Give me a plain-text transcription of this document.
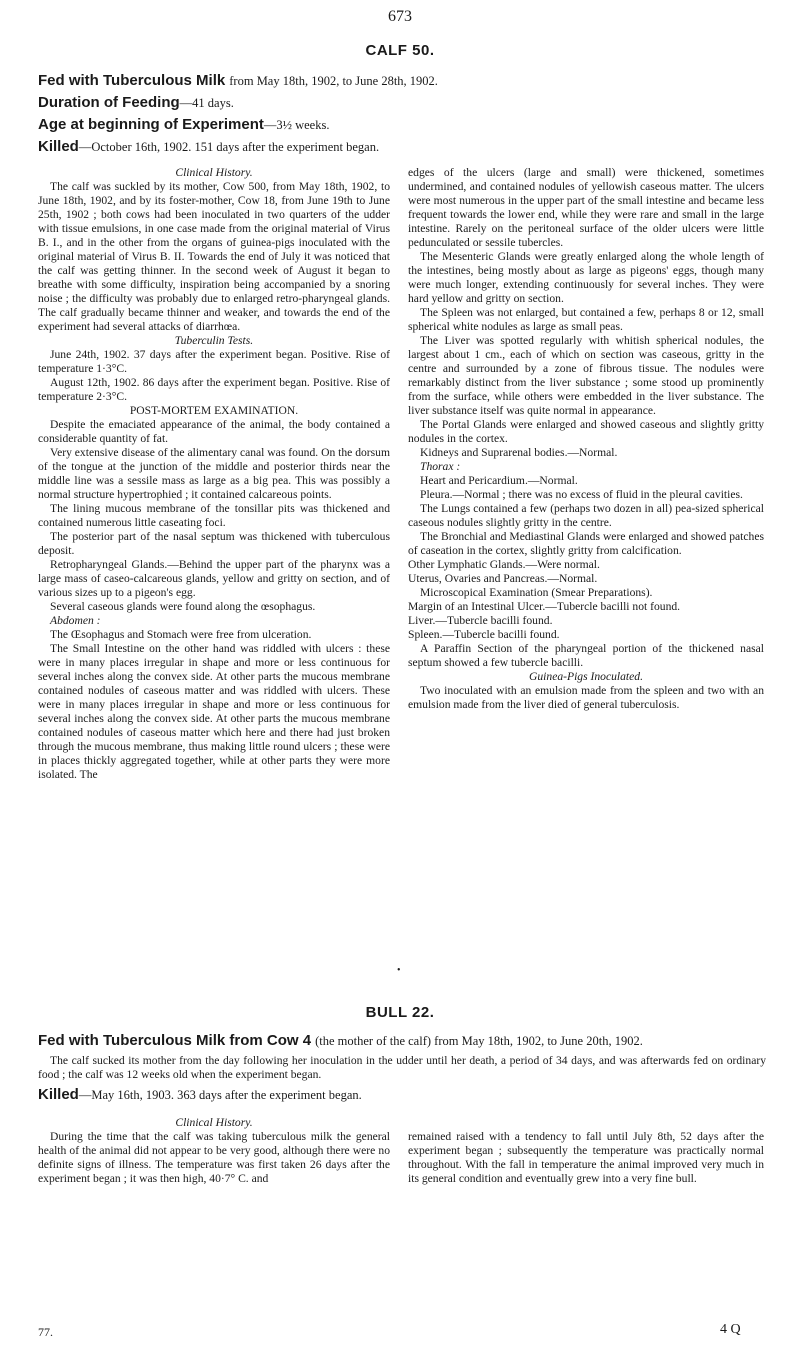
673
CALF 50.
Fed with Tuberculous Milk from May 18th, 1902, to June 28th, 1902.
Duration of Feeding—41 days.
Age at beginning of Experiment—3½ weeks.
Killed—October 16th, 1902. 151 days after the experiment began.

Clinical History.

The calf was suckled by its mother, Cow 500, from May 18th, 1902, to June 18th, 1902, and by its foster-mother, Cow 18, from June 19th to June 25th, 1902 ; both cows had been inoculated in two quarters of the udder with tissue emulsions, in one case made from the original material of Virus B. I., and in the other from the organs of guinea-pigs inoculated with the original material of Virus B. II. Towards the end of July it was noticed that the calf was getting thinner. In the second week of August it began to breathe with some difficulty, inspiration being accompanied by a snoring noise ; the difficulty was probably due to enlarged retro-pharyngeal glands. The calf gradually became thinner and weaker, and towards the end of the experiment had several attacks of diarrhœa.

Tuberculin Tests.

June 24th, 1902. 37 days after the experiment began. Positive. Rise of temperature 1·3°C.

August 12th, 1902. 86 days after the experiment began. Positive. Rise of temperature 2·3°C.

POST-MORTEM EXAMINATION.

Despite the emaciated appearance of the animal, the body contained a considerable quantity of fat.

Very extensive disease of the alimentary canal was found. On the dorsum of the tongue at the junction of the middle and posterior thirds near the middle line was a sessile mass as large as a big pea. This was possibly a normal structure hypertrophied ; it contained calcareous points.

The lining mucous membrane of the tonsillar pits was thickened and contained numerous little caseating foci.

The posterior part of the nasal septum was thickened with tuberculous deposit.

Retropharyngeal Glands.—Behind the upper part of the pharynx was a large mass of caseo-calcareous glands, yellow and gritty on section, and of various sizes up to a pigeon's egg.

Several caseous glands were found along the œsophagus.

Abdomen :

The Œsophagus and Stomach were free from ulceration.

The Small Intestine on the other hand was riddled with ulcers : these were in many places irregular in shape and more or less continuous for several inches along the convex side. At other parts the mucous membrane contained nodules of caseous matter and was riddled with ulcers. These were in many places irregular in shape and more or less continuous for several inches along the convex side. At other parts the mucous membrane contained nodules of caseous matter which here and there had just broken through the mucous membrane, thus making little round ulcers ; these were in places thickly aggregated together, while at other parts they were more isolated. The

edges of the ulcers (large and small) were thickened, sometimes undermined, and contained nodules of yellowish caseous matter. The ulcers were most numerous in the upper part of the small intestine and became less frequent towards the lower end, while they were rare and small in the large intestine. Rarely on the peritoneal surface of the older ulcers were little pedunculated or sessile tubercles.

The Mesenteric Glands were greatly enlarged along the whole length of the intestines, being mostly about as large as pigeons' eggs, though many were much longer, extending continuously for several inches. They were hard yellow and gritty on section.

The Spleen was not enlarged, but contained a few, perhaps 8 or 12, small spherical white nodules as large as small peas.

The Liver was spotted regularly with whitish spherical nodules, the largest about 1 cm., each of which on section was caseous, gritty in the centre and surrounded by a zone of fibrous tissue. The nodules were remarkably distinct from the liver substance ; some stood up prominently from the surface, while others were embedded in the liver substance. The liver substance itself was quite normal in appearance.

The Portal Glands were enlarged and showed caseous and slightly gritty nodules in the cortex.

Kidneys and Suprarenal bodies.—Normal.

Thorax :

Heart and Pericardium.—Normal.

Pleura.—Normal ; there was no excess of fluid in the pleural cavities.

The Lungs contained a few (perhaps two dozen in all) pea-sized spherical caseous nodules slightly gritty in the centre.

The Bronchial and Mediastinal Glands were enlarged and showed patches of caseation in the cortex, slightly gritty from calcification.

Other Lymphatic Glands.—Were normal.

Uterus, Ovaries and Pancreas.—Normal.

Microscopical Examination (Smear Preparations).

Margin of an Intestinal Ulcer.—Tubercle bacilli not found.

Liver.—Tubercle bacilli found.

Spleen.—Tubercle bacilli found.

A Paraffin Section of the pharyngeal portion of the thickened nasal septum showed a few tubercle bacilli.

Guinea-Pigs Inoculated.

Two inoculated with an emulsion made from the spleen and two with an emulsion made from the liver died of general tuberculosis.

•
BULL 22.
Fed with Tuberculous Milk from Cow 4 (the mother of the calf) from May 18th, 1902, to June 20th, 1902.
The calf sucked its mother from the day following her inoculation in the udder until her death, a period of 34 days, and was afterwards fed on ordinary food ; the calf was 12 weeks old when the experiment began.
Killed—May 16th, 1903. 363 days after the experiment began.

Clinical History.

During the time that the calf was taking tuberculous milk the general health of the animal did not appear to be very good, although there were no definite signs of illness. The temperature was first taken 26 days after the experiment began ; it was then high, 40·7° C. and

remained raised with a tendency to fall until July 8th, 52 days after the experiment began ; subsequently the temperature was practically normal throughout. With the fall in temperature the animal improved very much in its general condition and eventually grew into a very fine bull.

77.	4 Q
